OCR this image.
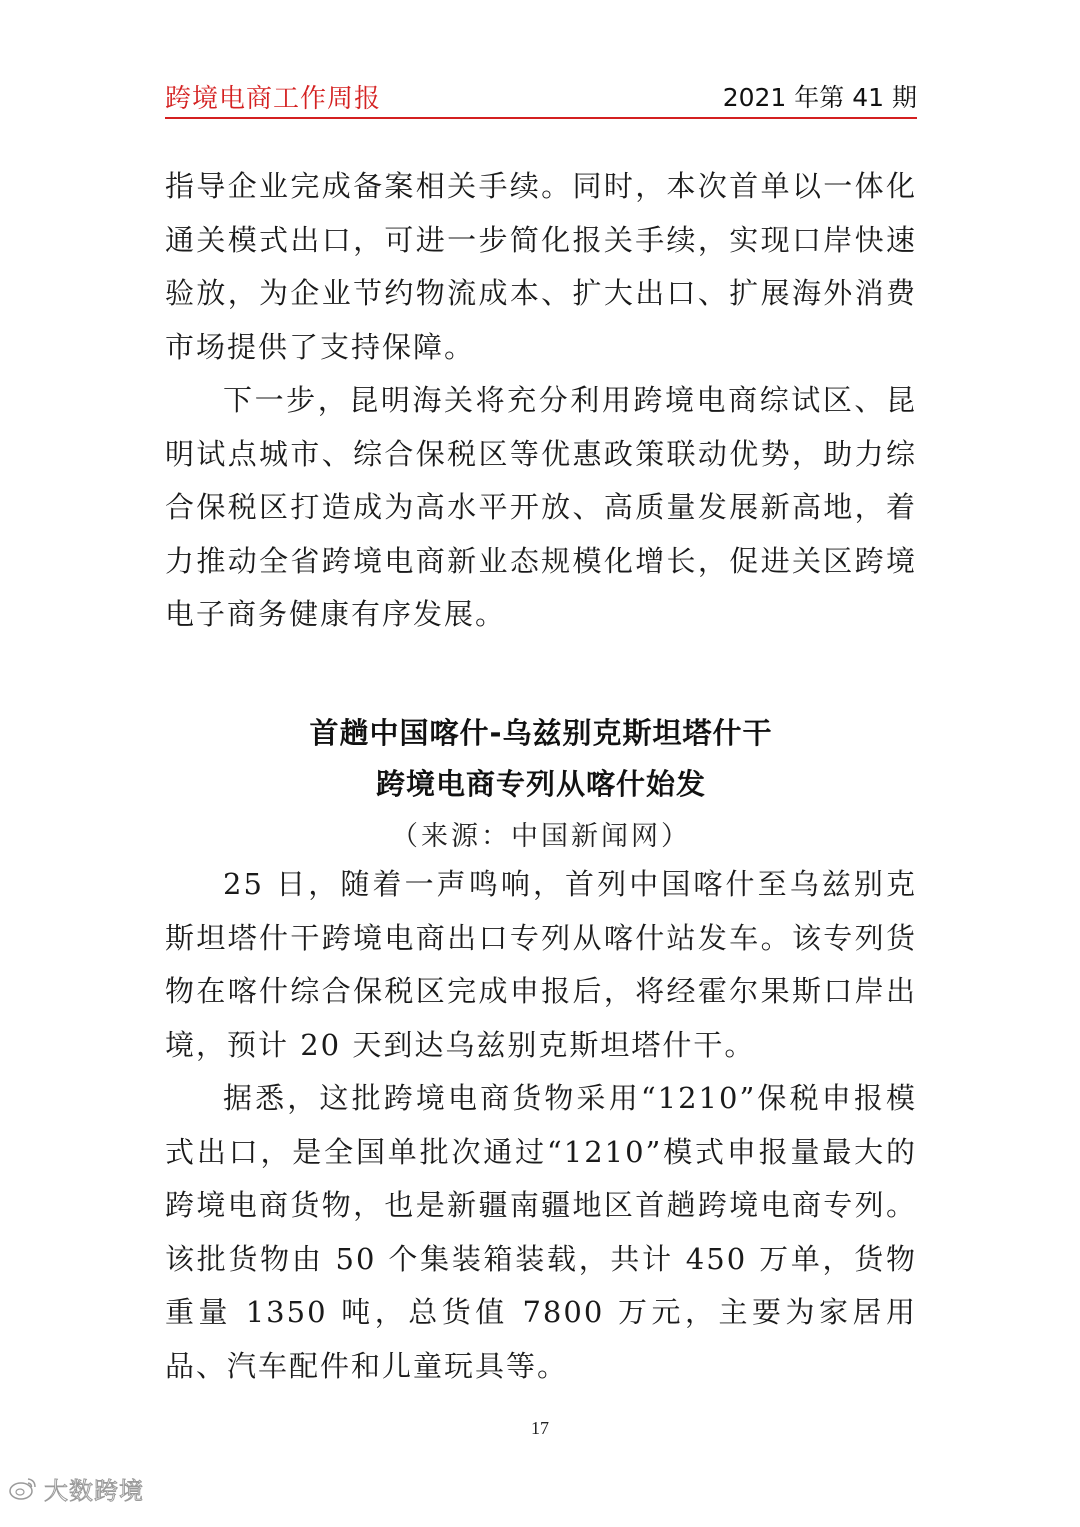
跨境电商工作周报	2021 年第 41 期

指导企业完成备案相关手续。同时，本次首单以一体化通关模式出口，可进一步简化报关手续，实现口岸快速验放，为企业节约物流成本、扩大出口、扩展海外消费市场提供了支持保障。

下一步，昆明海关将充分利用跨境电商综试区、昆明试点城市、综合保税区等优惠政策联动优势，助力综合保税区打造成为高水平开放、高质量发展新高地，着力推动全省跨境电商新业态规模化增长，促进关区跨境电子商务健康有序发展。

首趟中国喀什-乌兹别克斯坦塔什干
跨境电商专列从喀什始发
（来源：中国新闻网）

25 日，随着一声鸣响，首列中国喀什至乌兹别克斯坦塔什干跨境电商出口专列从喀什站发车。该专列货物在喀什综合保税区完成申报后，将经霍尔果斯口岸出境，预计 20 天到达乌兹别克斯坦塔什干。

据悉，这批跨境电商货物采用“1210”保税申报模式出口，是全国单批次通过“1210”模式申报量最大的跨境电商货物，也是新疆南疆地区首趟跨境电商专列。该批货物由 50 个集装箱装载，共计 450 万单，货物重量 1350 吨，总货值 7800 万元，主要为家居用品、汽车配件和儿童玩具等。

17
大数跨境
